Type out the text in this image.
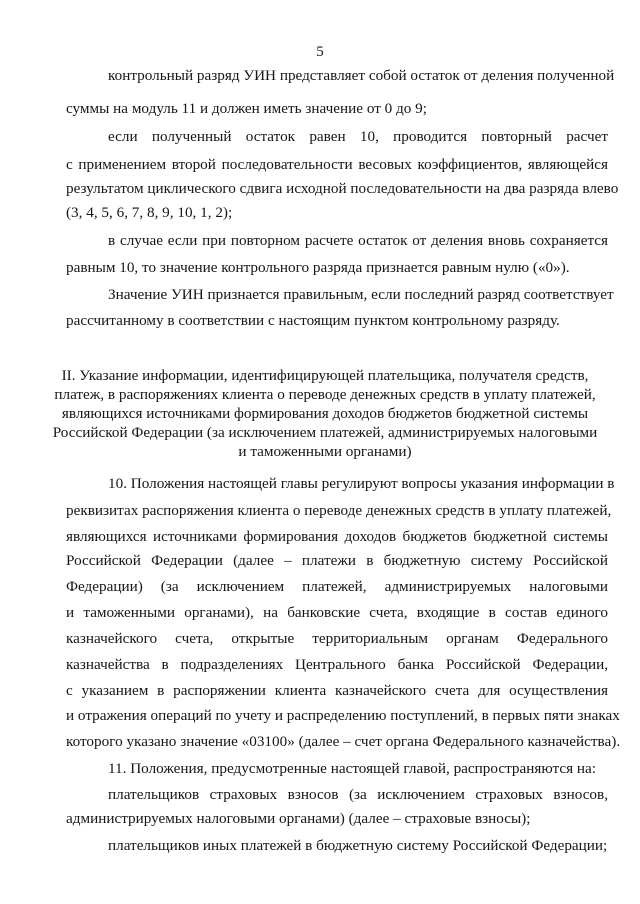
5
контрольный разряд УИН представляет собой остаток от деления полученной
суммы на модуль 11 и должен иметь значение от 0 до 9;
если полученный остаток равен 10, проводится повторный расчет
с применением второй последовательности весовых коэффициентов, являющейся
результатом циклического сдвига исходной последовательности на два разряда влево
(3, 4, 5, 6, 7, 8, 9, 10, 1, 2);
в случае если при повторном расчете остаток от деления вновь сохраняется
равным 10, то значение контрольного разряда признается равным нулю («0»).
Значение УИН признается правильным, если последний разряд соответствует
рассчитанному в соответствии с настоящим пунктом контрольному разряду.
II. Указание информации, идентифицирующей плательщика, получателя средств,
платеж, в распоряжениях клиента о переводе денежных средств в уплату платежей,
являющихся источниками формирования доходов бюджетов бюджетной системы
Российской Федерации (за исключением платежей, администрируемых налоговыми
и таможенными органами)
10. Положения настоящей главы регулируют вопросы указания информации в
реквизитах распоряжения клиента о переводе денежных средств в уплату платежей,
являющихся источниками формирования доходов бюджетов бюджетной системы
Российской Федерации (далее – платежи в бюджетную систему Российской
Федерации) (за исключением платежей, администрируемых налоговыми
и таможенными органами), на банковские счета, входящие в состав единого
казначейского счета, открытые территориальным органам Федерального
казначейства в подразделениях Центрального банка Российской Федерации,
с указанием в распоряжении клиента казначейского счета для осуществления
и отражения операций по учету и распределению поступлений, в первых пяти знаках
которого указано значение «03100» (далее – счет органа Федерального казначейства).
11. Положения, предусмотренные настоящей главой, распространяются на:
плательщиков страховых взносов (за исключением страховых взносов,
администрируемых налоговыми органами) (далее – страховые взносы);
плательщиков иных платежей в бюджетную систему Российской Федерации;
